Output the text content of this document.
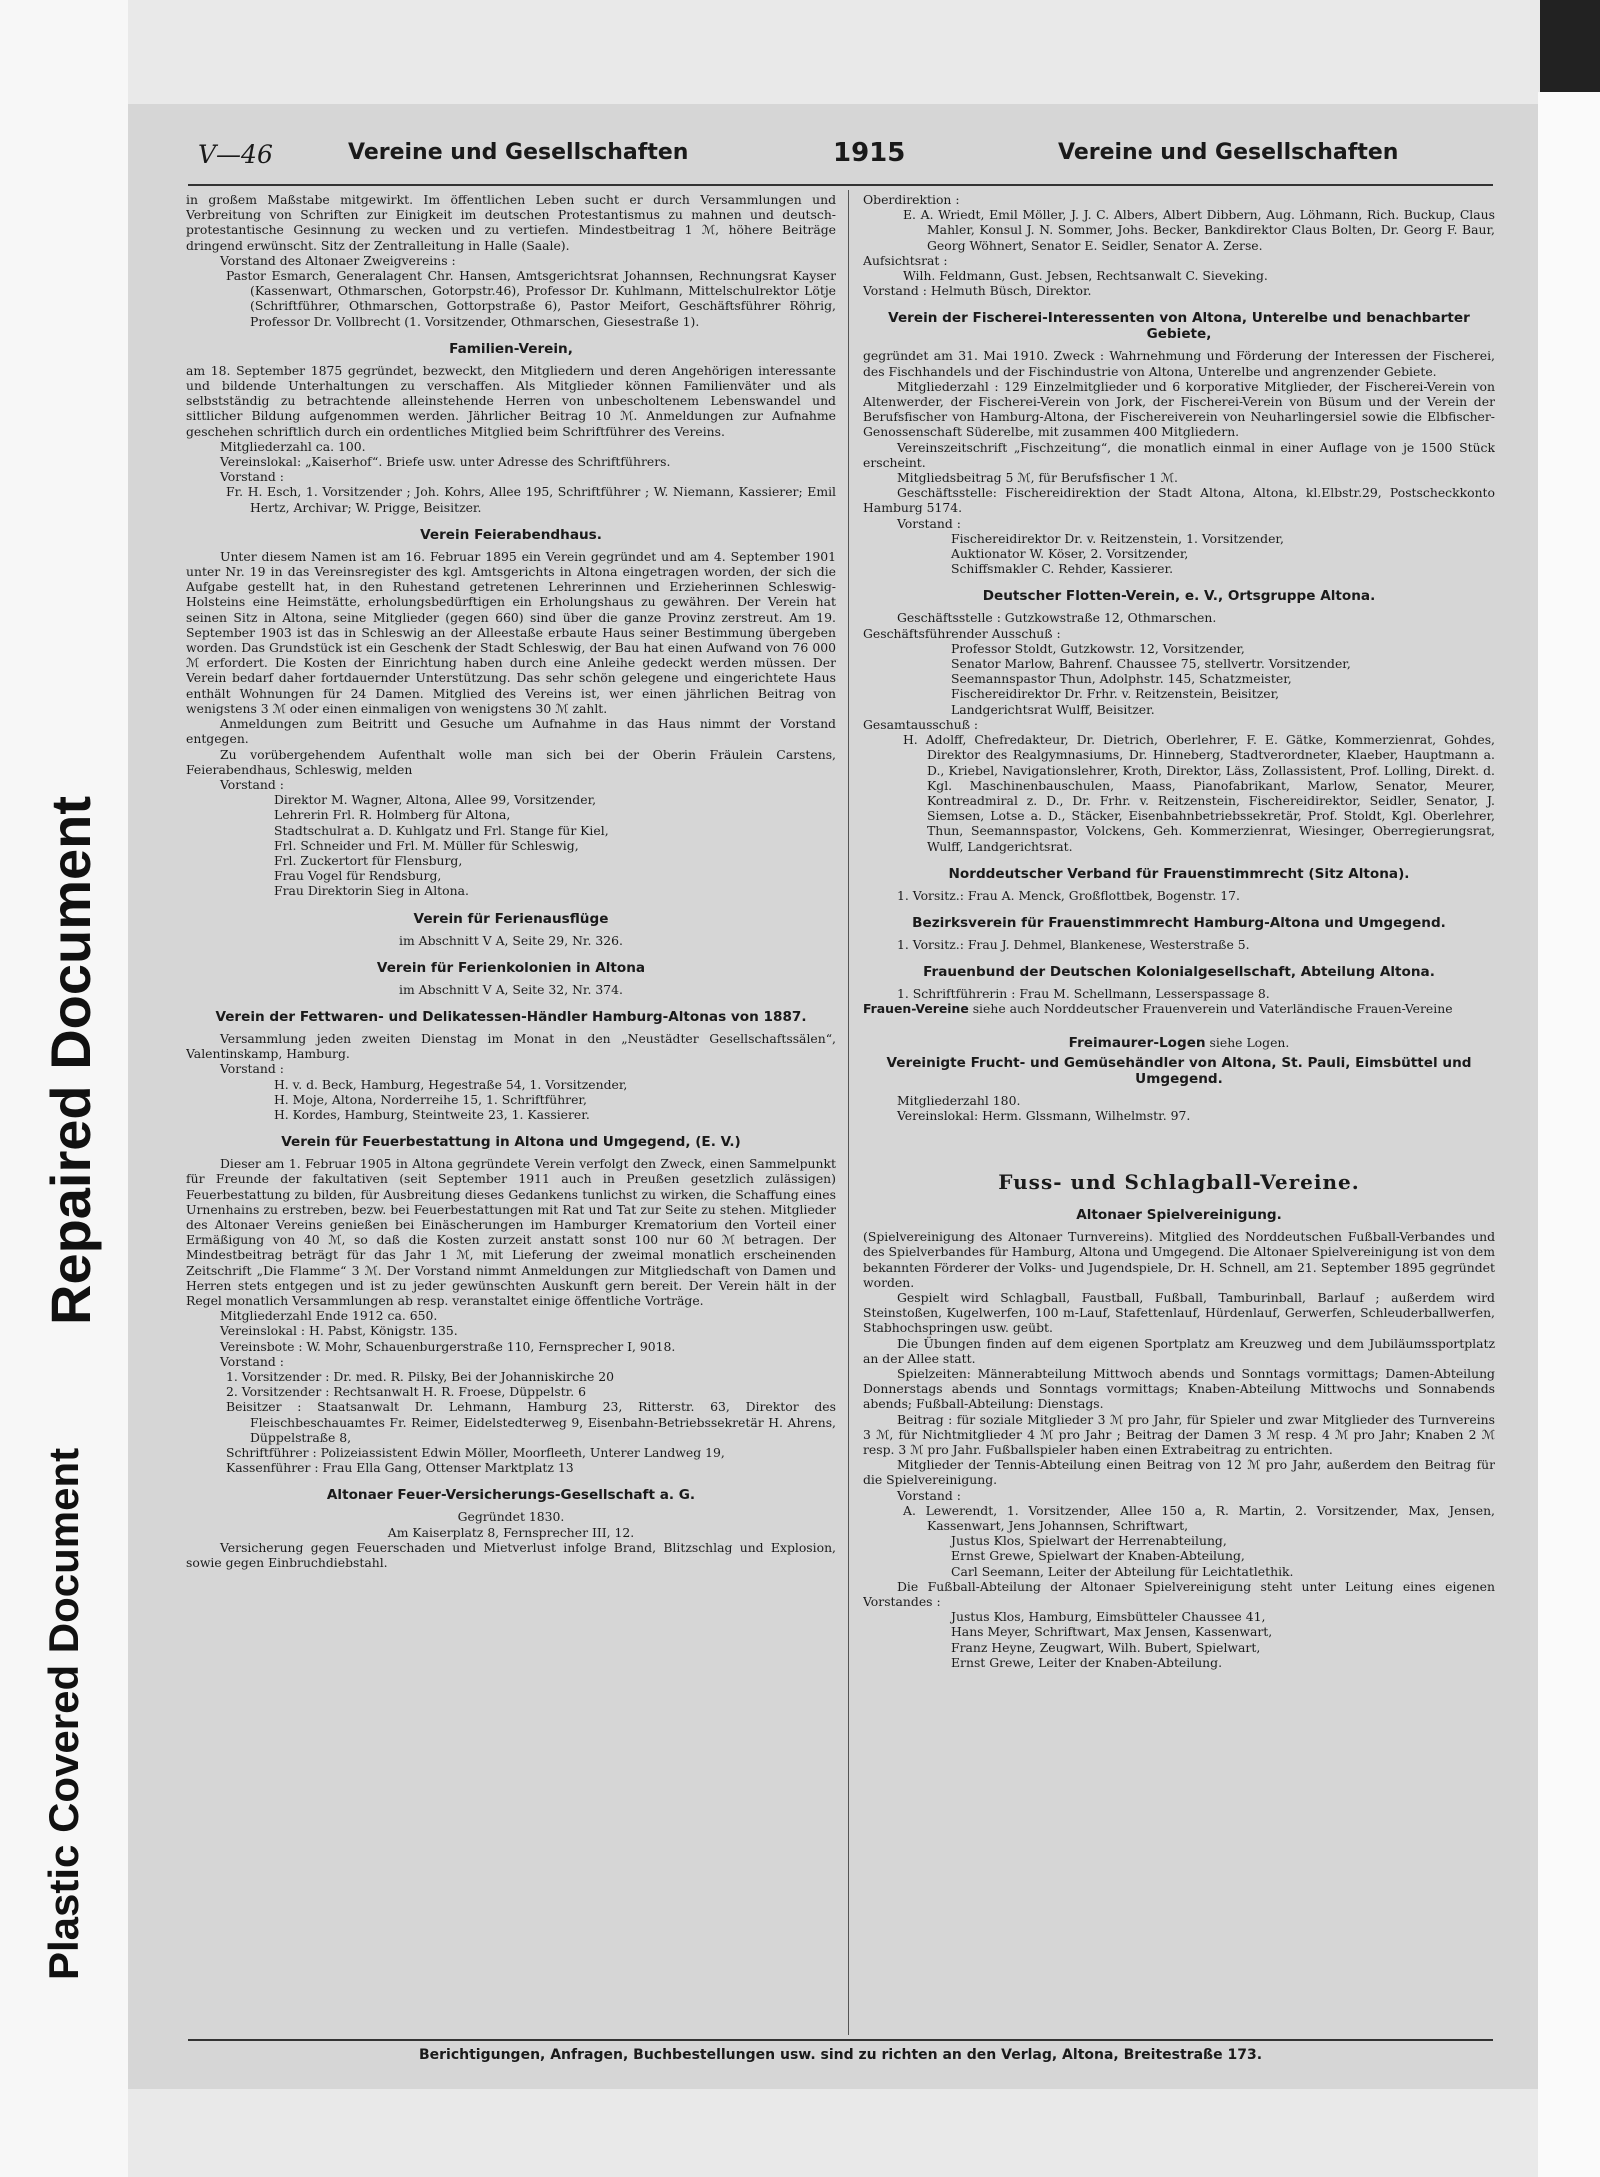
Plastic Covered Document
Repaired Document
V—46	Vereine und Gesellschaften	1915	Vereine und Gesellschaften

in großem Maßstabe mitgewirkt. Im öffentlichen Leben sucht er durch Versammlungen und Verbreitung von Schriften zur Einigkeit im deutschen Protestantismus zu mahnen und deutsch-protestantische Gesinnung zu wecken und zu vertiefen. Mindestbeitrag 1 ℳ, höhere Beiträge dringend erwünscht. Sitz der Zentralleitung in Halle (Saale).

Vorstand des Altonaer Zweigvereins :

Pastor Esmarch, Generalagent Chr. Hansen, Amtsgerichtsrat Johannsen, Rechnungsrat Kayser (Kassenwart, Othmarschen, Gotorpstr.46), Professor Dr. Kuhlmann, Mittelschulrektor Lötje (Schriftführer, Othmarschen, Gottorpstraße 6), Pastor Meifort, Geschäftsführer Röhrig, Professor Dr. Vollbrecht (1. Vorsitzender, Othmarschen, Giesestraße 1).

Familien-Verein,

am 18. September 1875 gegründet, bezweckt, den Mitgliedern und deren Angehörigen interessante und bildende Unterhaltungen zu verschaffen. Als Mitglieder können Familienväter und als selbstständig zu betrachtende alleinstehende Herren von unbescholtenem Lebenswandel und sittlicher Bildung aufgenommen werden. Jährlicher Beitrag 10 ℳ. Anmeldungen zur Aufnahme geschehen schriftlich durch ein ordentliches Mitglied beim Schriftführer des Vereins.

Mitgliederzahl ca. 100.

Vereinslokal: „Kaiserhof“. Briefe usw. unter Adresse des Schriftführers.

Vorstand :

Fr. H. Esch, 1. Vorsitzender ; Joh. Kohrs, Allee 195, Schriftführer ; W. Niemann, Kassierer; Emil Hertz, Archivar; W. Prigge, Beisitzer.

Verein Feierabendhaus.

Unter diesem Namen ist am 16. Februar 1895 ein Verein gegründet und am 4. September 1901 unter Nr. 19 in das Vereinsregister des kgl. Amtsgerichts in Altona eingetragen worden, der sich die Aufgabe gestellt hat, in den Ruhestand getretenen Lehrerinnen und Erzieherinnen Schleswig-Holsteins eine Heimstätte, erholungsbedürftigen ein Erholungshaus zu gewähren. Der Verein hat seinen Sitz in Altona, seine Mitglieder (gegen 660) sind über die ganze Provinz zerstreut. Am 19. September 1903 ist das in Schleswig an der Alleestaße erbaute Haus seiner Bestimmung übergeben worden. Das Grundstück ist ein Geschenk der Stadt Schleswig, der Bau hat einen Aufwand von 76 000 ℳ erfordert. Die Kosten der Einrichtung haben durch eine Anleihe gedeckt werden müssen. Der Verein bedarf daher fortdauernder Unterstützung. Das sehr schön gelegene und eingerichtete Haus enthält Wohnungen für 24 Damen. Mitglied des Vereins ist, wer einen jährlichen Beitrag von wenigstens 3 ℳ oder einen einmaligen von wenigstens 30 ℳ zahlt.

Anmeldungen zum Beitritt und Gesuche um Aufnahme in das Haus nimmt der Vorstand entgegen.

Zu vorübergehendem Aufenthalt wolle man sich bei der Oberin Fräulein Carstens, Feierabendhaus, Schleswig, melden

Vorstand :

Direktor M. Wagner, Altona, Allee 99, Vorsitzender,

Lehrerin Frl. R. Holmberg für Altona,

Stadtschulrat a. D. Kuhlgatz und Frl. Stange für Kiel,

Frl. Schneider und Frl. M. Müller für Schleswig,

Frl. Zuckertort für Flensburg,

Frau Vogel für Rendsburg,

Frau Direktorin Sieg in Altona.

Verein für Ferienausflüge

im Abschnitt V A, Seite 29, Nr. 326.

Verein für Ferienkolonien in Altona

im Abschnitt V A, Seite 32, Nr. 374.

Verein der Fettwaren- und Delikatessen-Händler Hamburg-Altonas von 1887.

Versammlung jeden zweiten Dienstag im Monat in den „Neustädter Gesellschaftssälen“, Valentinskamp, Hamburg.

Vorstand :

H. v. d. Beck, Hamburg, Hegestraße 54, 1. Vorsitzender,

H. Moje, Altona, Norderreihe 15, 1. Schriftführer,

H. Kordes, Hamburg, Steintweite 23, 1. Kassierer.

Verein für Feuerbestattung in Altona und Umgegend, (E. V.)

Dieser am 1. Februar 1905 in Altona gegründete Verein verfolgt den Zweck, einen Sammelpunkt für Freunde der fakultativen (seit September 1911 auch in Preußen gesetzlich zulässigen) Feuerbestattung zu bilden, für Ausbreitung dieses Gedankens tunlichst zu wirken, die Schaffung eines Urnenhains zu erstreben, bezw. bei Feuerbestattungen mit Rat und Tat zur Seite zu stehen. Mitglieder des Altonaer Vereins genießen bei Einäscherungen im Hamburger Krematorium den Vorteil einer Ermäßigung von 40 ℳ, so daß die Kosten zurzeit anstatt sonst 100 nur 60 ℳ betragen. Der Mindestbeitrag beträgt für das Jahr 1 ℳ, mit Lieferung der zweimal monatlich erscheinenden Zeitschrift „Die Flamme“ 3 ℳ. Der Vorstand nimmt Anmeldungen zur Mitgliedschaft von Damen und Herren stets entgegen und ist zu jeder gewünschten Auskunft gern bereit. Der Verein hält in der Regel monatlich Versammlungen ab resp. veranstaltet einige öffentliche Vorträge.

Mitgliederzahl Ende 1912 ca. 650.

Vereinslokal : H. Pabst, Königstr. 135.

Vereinsbote : W. Mohr, Schauenburgerstraße 110, Fernsprecher I, 9018.

Vorstand :

1. Vorsitzender : Dr. med. R. Pilsky, Bei der Johanniskirche 20

2. Vorsitzender : Rechtsanwalt H. R. Froese, Düppelstr. 6

Beisitzer : Staatsanwalt Dr. Lehmann, Hamburg 23, Ritterstr. 63, Direktor des Fleischbeschauamtes Fr. Reimer, Eidelstedterweg 9, Eisenbahn-Betriebssekretär H. Ahrens, Düppelstraße 8,

Schriftführer : Polizeiassistent Edwin Möller, Moorfleeth, Unterer Landweg 19,

Kassenführer : Frau Ella Gang, Ottenser Marktplatz 13

Altonaer Feuer-Versicherungs-Gesellschaft a. G.

Gegründet 1830.

Am Kaiserplatz 8, Fernsprecher III, 12.

Versicherung gegen Feuerschaden und Mietverlust infolge Brand, Blitzschlag und Explosion, sowie gegen Einbruchdiebstahl.

Oberdirektion :

E. A. Wriedt, Emil Möller, J. J. C. Albers, Albert Dibbern, Aug. Löhmann, Rich. Buckup, Claus Mahler, Konsul J. N. Sommer, Johs. Becker, Bankdirektor Claus Bolten, Dr. Georg F. Baur, Georg Wöhnert, Senator E. Seidler, Senator A. Zerse.

Aufsichtsrat :

Wilh. Feldmann, Gust. Jebsen, Rechtsanwalt C. Sieveking.

Vorstand : Helmuth Büsch, Direktor.

Verein der Fischerei-Interessenten von Altona, Unterelbe und benachbarter Gebiete,

gegründet am 31. Mai 1910. Zweck : Wahrnehmung und Förderung der Interessen der Fischerei, des Fischhandels und der Fischindustrie von Altona, Unterelbe und angrenzender Gebiete.

Mitgliederzahl : 129 Einzelmitglieder und 6 korporative Mitglieder, der Fischerei-Verein von Altenwerder, der Fischerei-Verein von Jork, der Fischerei-Verein von Büsum und der Verein der Berufsfischer von Hamburg-Altona, der Fischereiverein von Neuharlingersiel sowie die Elbfischer-Genossenschaft Süderelbe, mit zusammen 400 Mitgliedern.

Vereinszeitschrift „Fischzeitung“, die monatlich einmal in einer Auflage von je 1500 Stück erscheint.

Mitgliedsbeitrag 5 ℳ, für Berufsfischer 1 ℳ.

Geschäftsstelle: Fischereidirektion der Stadt Altona, Altona, kl.Elbstr.29, Postscheckkonto Hamburg 5174.

Vorstand :

Fischereidirektor Dr. v. Reitzenstein, 1. Vorsitzender,

Auktionator W. Köser, 2. Vorsitzender,

Schiffsmakler C. Rehder, Kassierer.

Deutscher Flotten-Verein, e. V., Ortsgruppe Altona.

Geschäftsstelle : Gutzkowstraße 12, Othmarschen.

Geschäftsführender Ausschuß :

Professor Stoldt, Gutzkowstr. 12, Vorsitzender,

Senator Marlow, Bahrenf. Chaussee 75, stellvertr. Vorsitzender,

Seemannspastor Thun, Adolphstr. 145, Schatzmeister,

Fischereidirektor Dr. Frhr. v. Reitzenstein, Beisitzer,

Landgerichtsrat Wulff, Beisitzer.

Gesamtausschuß :

H. Adolff, Chefredakteur, Dr. Dietrich, Oberlehrer, F. E. Gätke, Kommerzienrat, Gohdes, Direktor des Realgymnasiums, Dr. Hinneberg, Stadtverordneter, Klaeber, Hauptmann a. D., Kriebel, Navigationslehrer, Kroth, Direktor, Läss, Zollassistent, Prof. Lolling, Direkt. d. Kgl. Maschinenbauschulen, Maass, Pianofabrikant, Marlow, Senator, Meurer, Kontreadmiral z. D., Dr. Frhr. v. Reitzenstein, Fischereidirektor, Seidler, Senator, J. Siemsen, Lotse a. D., Stäcker, Eisenbahnbetriebssekretär, Prof. Stoldt, Kgl. Oberlehrer, Thun, Seemannspastor, Volckens, Geh. Kommerzienrat, Wiesinger, Oberregierungsrat, Wulff, Landgerichtsrat.

Norddeutscher Verband für Frauenstimmrecht (Sitz Altona).

1. Vorsitz.: Frau A. Menck, Großflottbek, Bogenstr. 17.

Bezirksverein für Frauenstimmrecht Hamburg-Altona und Umgegend.

1. Vorsitz.: Frau J. Dehmel, Blankenese, Westerstraße 5.

Frauenbund der Deutschen Kolonialgesellschaft, Abteilung Altona.

1. Schriftführerin : Frau M. Schellmann, Lesserspassage 8.

Frauen-Vereine siehe auch Norddeutscher Frauenverein und Vaterländische Frauen-Vereine

Freimaurer-Logen siehe Logen.

Vereinigte Frucht- und Gemüsehändler von Altona, St. Pauli, Eimsbüttel und Umgegend.

Mitgliederzahl 180.

Vereinslokal: Herm. Glssmann, Wilhelmstr. 97.

Fuss- und Schlagball-Vereine.
Altonaer Spielvereinigung.

(Spielvereinigung des Altonaer Turnvereins). Mitglied des Norddeutschen Fußball-Verbandes und des Spielverbandes für Hamburg, Altona und Umgegend. Die Altonaer Spielvereinigung ist von dem bekannten Förderer der Volks- und Jugendspiele, Dr. H. Schnell, am 21. September 1895 gegründet worden.

Gespielt wird Schlagball, Faustball, Fußball, Tamburinball, Barlauf ; außerdem wird Steinstoßen, Kugelwerfen, 100 m-Lauf, Stafettenlauf, Hürdenlauf, Gerwerfen, Schleuderballwerfen, Stabhochspringen usw. geübt.

Die Übungen finden auf dem eigenen Sportplatz am Kreuzweg und dem Jubiläumssportplatz an der Allee statt.

Spielzeiten: Männerabteilung Mittwoch abends und Sonntags vormittags; Damen-Abteilung Donnerstags abends und Sonntags vormittags; Knaben-Abteilung Mittwochs und Sonnabends abends; Fußball-Abteilung: Dienstags.

Beitrag : für soziale Mitglieder 3 ℳ pro Jahr, für Spieler und zwar Mitglieder des Turnvereins 3 ℳ, für Nichtmitglieder 4 ℳ pro Jahr ; Beitrag der Damen 3 ℳ resp. 4 ℳ pro Jahr; Knaben 2 ℳ resp. 3 ℳ pro Jahr. Fußballspieler haben einen Extrabeitrag zu entrichten.

Mitglieder der Tennis-Abteilung einen Beitrag von 12 ℳ pro Jahr, außerdem den Beitrag für die Spielvereinigung.

Vorstand :

A. Lewerendt, 1. Vorsitzender, Allee 150 a, R. Martin, 2. Vorsitzender, Max, Jensen, Kassenwart, Jens Johannsen, Schriftwart,

Justus Klos, Spielwart der Herrenabteilung,

Ernst Grewe, Spielwart der Knaben-Abteilung,

Carl Seemann, Leiter der Abteilung für Leichtatlethik.

Die Fußball-Abteilung der Altonaer Spielvereinigung steht unter Leitung eines eigenen Vorstandes :

Justus Klos, Hamburg, Eimsbütteler Chaussee 41,

Hans Meyer, Schriftwart, Max Jensen, Kassenwart,

Franz Heyne, Zeugwart, Wilh. Bubert, Spielwart,

Ernst Grewe, Leiter der Knaben-Abteilung.

Berichtigungen, Anfragen, Buchbestellungen usw. sind zu richten an den Verlag, Altona, Breitestraße 173.
